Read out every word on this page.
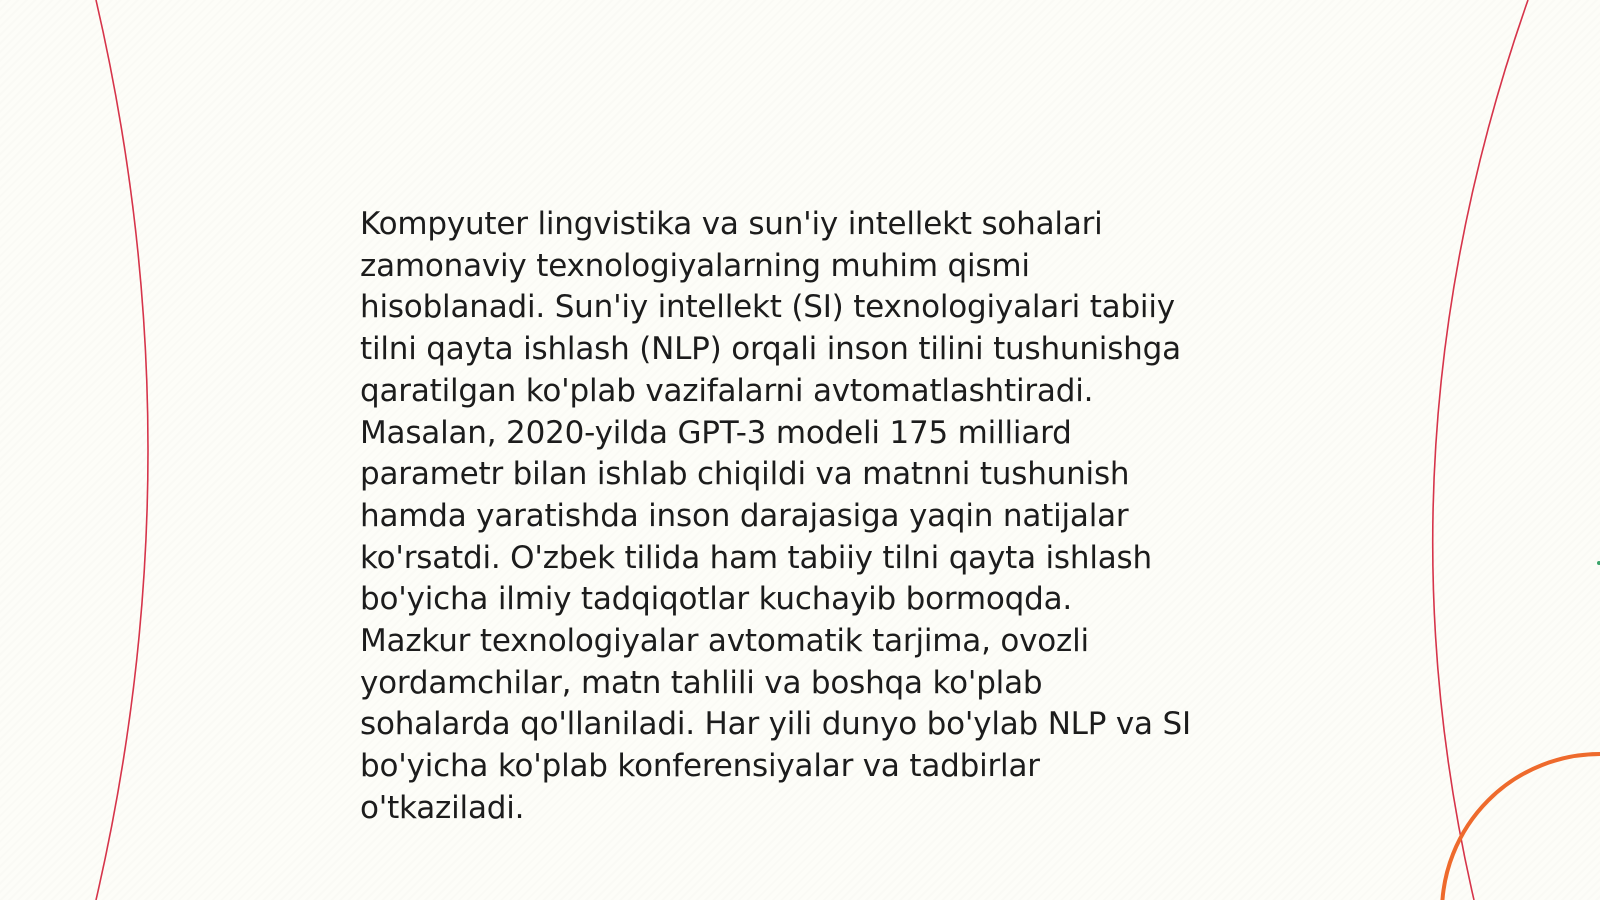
Kompyuter lingvistika va sun'iy intellekt sohalari
zamonaviy texnologiyalarning muhim qismi
hisoblanadi. Sun'iy intellekt (SI) texnologiyalari tabiiy
tilni qayta ishlash (NLP) orqali inson tilini tushunishga
qaratilgan ko'plab vazifalarni avtomatlashtiradi.
Masalan, 2020-yilda GPT-3 modeli 175 milliard
parametr bilan ishlab chiqildi va matnni tushunish
hamda yaratishda inson darajasiga yaqin natijalar
ko'rsatdi. O'zbek tilida ham tabiiy tilni qayta ishlash
bo'yicha ilmiy tadqiqotlar kuchayib bormoqda.
Mazkur texnologiyalar avtomatik tarjima, ovozli
yordamchilar, matn tahlili va boshqa ko'plab
sohalarda qo'llaniladi. Har yili dunyo bo'ylab NLP va SI
bo'yicha ko'plab konferensiyalar va tadbirlar
o'tkaziladi.
